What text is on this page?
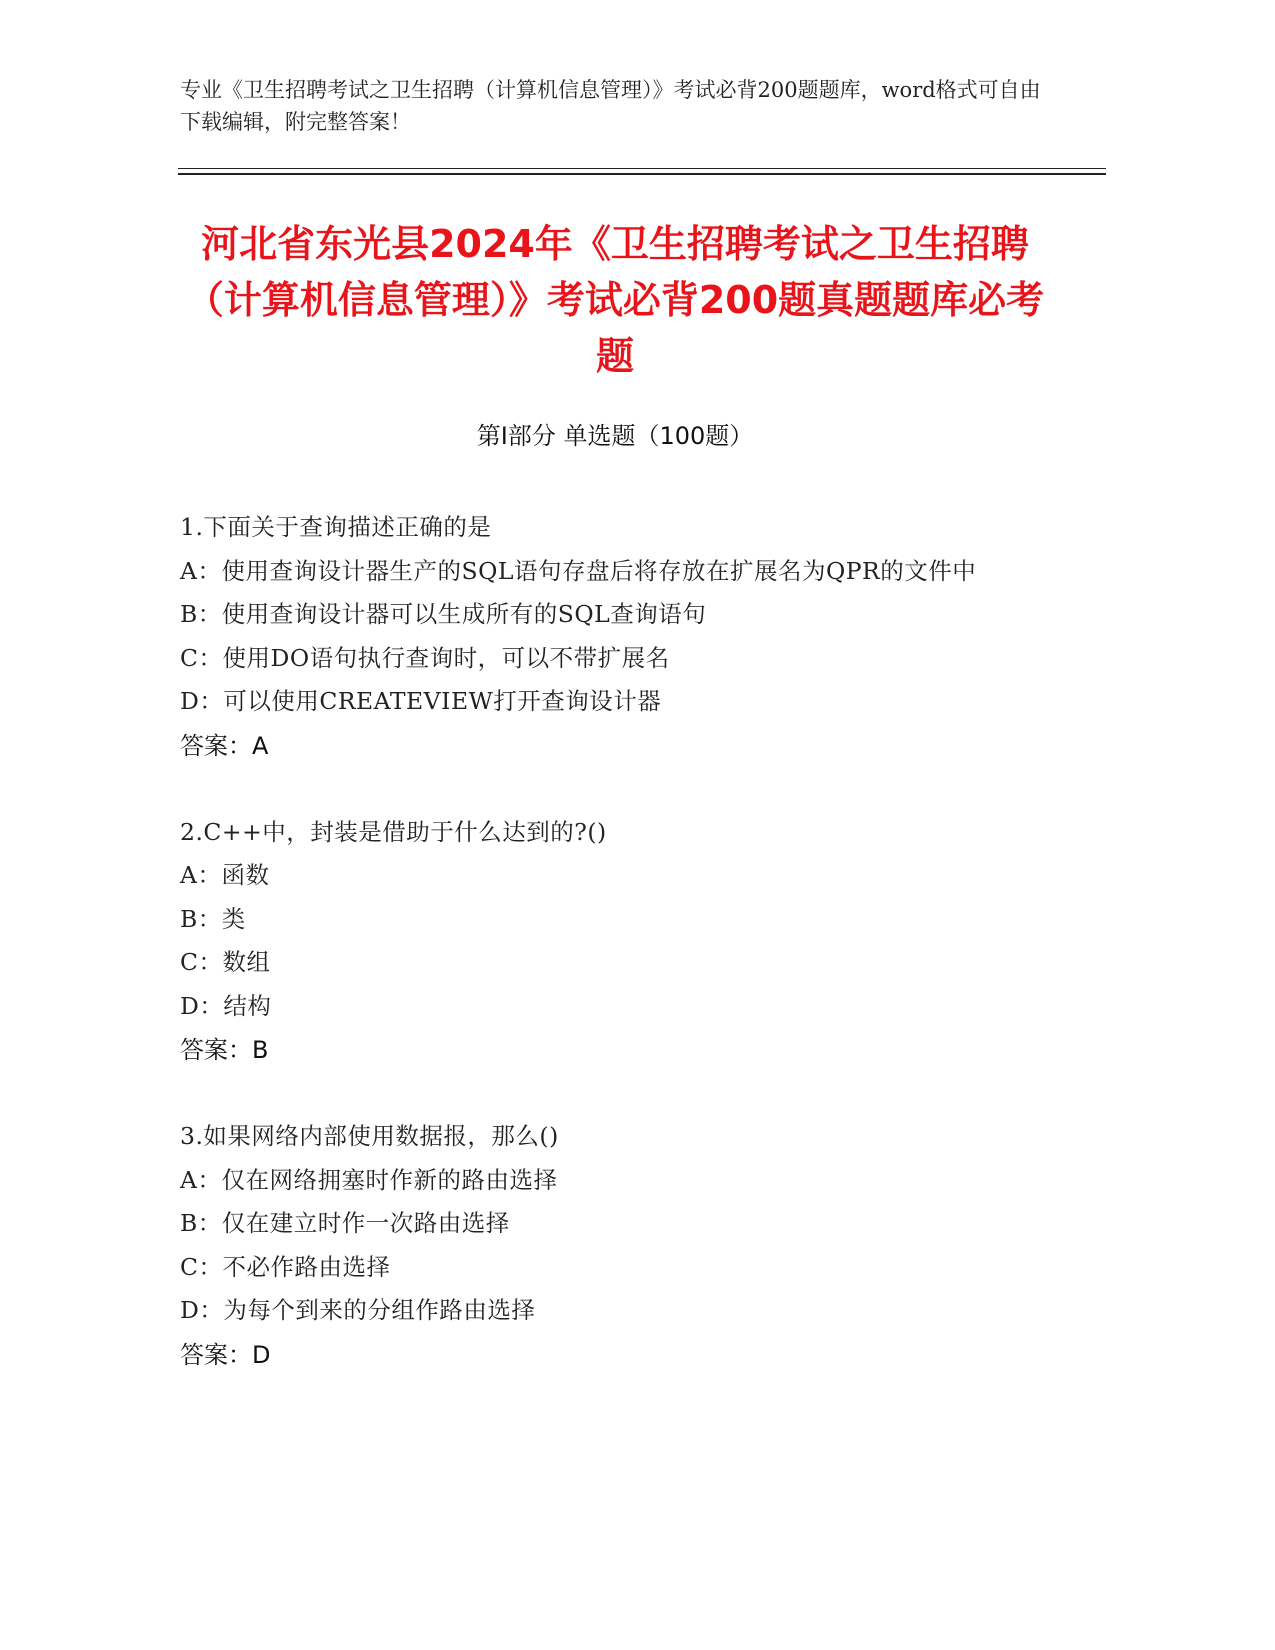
专业《卫生招聘考试之卫生招聘（计算机信息管理）》考试必背200题题库，word格式可自由下载编辑，附完整答案！
河北省东光县2024年《卫生招聘考试之卫生招聘（计算机信息管理）》考试必背200题真题题库必考题
第I部分 单选题（100题）
1.下面关于查询描述正确的是
A： 使用查询设计器生产的SQL语句存盘后将存放在扩展名为QPR的文件中
B： 使用查询设计器可以生成所有的SQL查询语句
C： 使用DO语句执行查询时，可以不带扩展名
D： 可以使用CREATEVIEW打开查询设计器
答案：A
2.C++中，封装是借助于什么达到的?()
A： 函数
B： 类
C： 数组
D： 结构
答案：B
3.如果网络内部使用数据报，那么()
A： 仅在网络拥塞时作新的路由选择
B： 仅在建立时作一次路由选择
C： 不必作路由选择
D： 为每个到来的分组作路由选择
答案：D
